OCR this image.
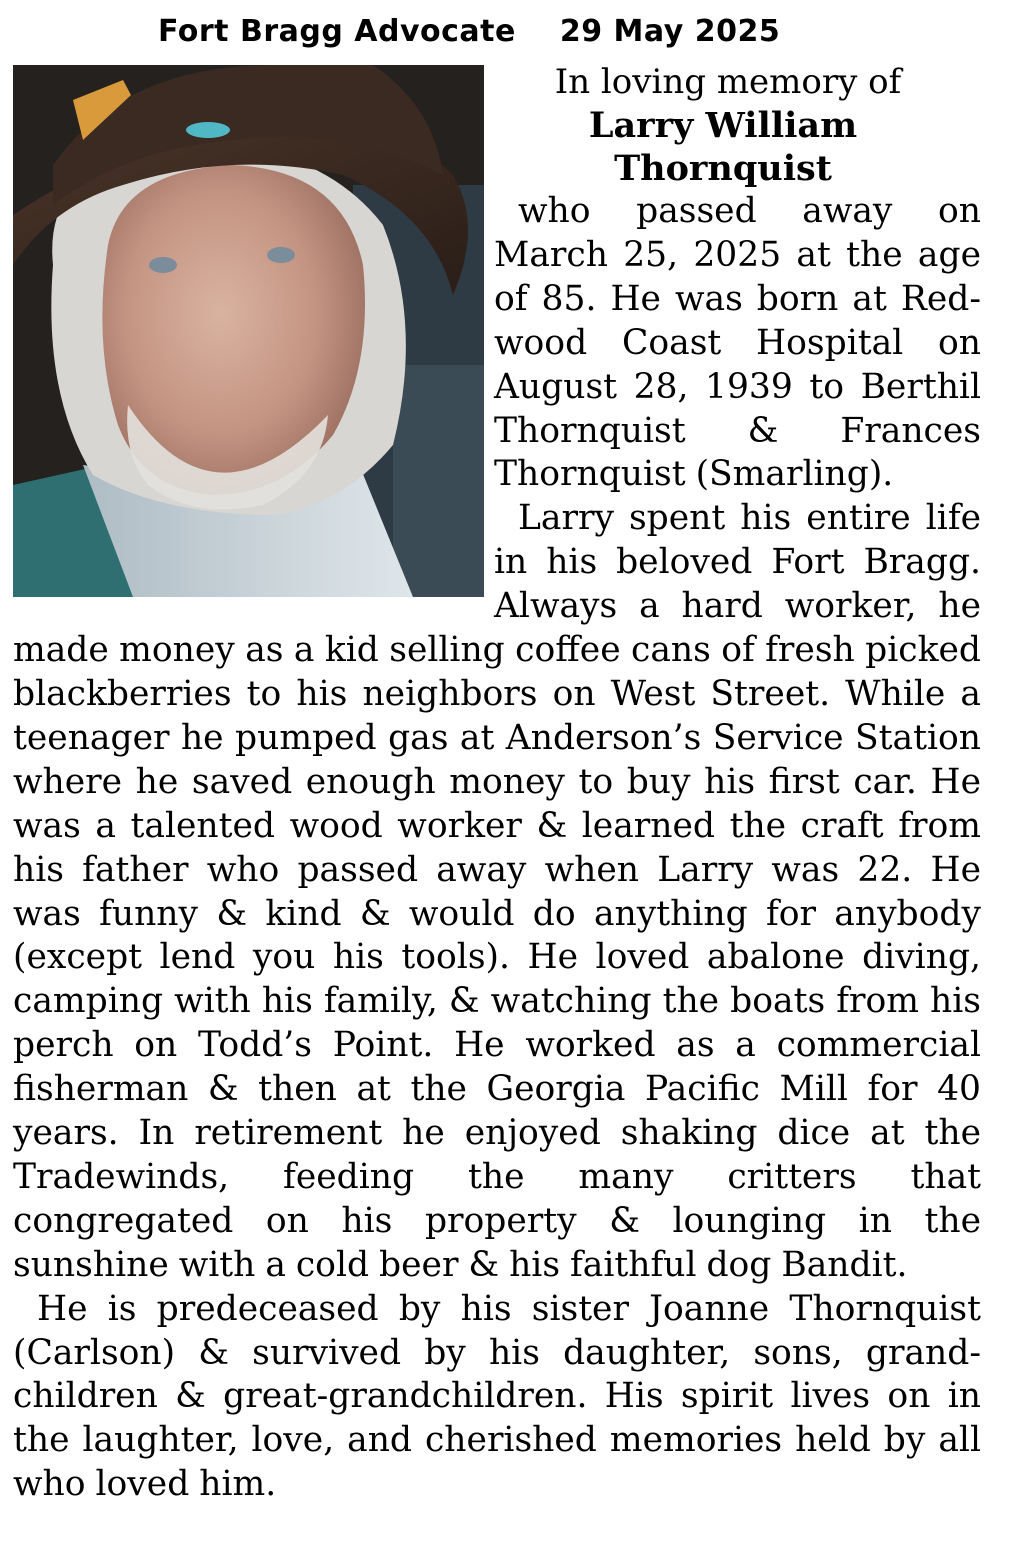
Fort Bragg Advocate 29 May 2025
In loving memory of
Larry William
Thornquist

who passed away on March 25, 2025 at the age of 85. He was born at Redwood Coast Hospital on August 28, 1939 to Berthil Thornquist & Frances Thornquist (Smarling).

Larry spent his entire life in his beloved Fort Bragg. Always a hard worker, he made money as a kid selling coffee cans of fresh picked blackberries to his neighbors on West Street. While a teenager he pumped gas at Anderson’s Service Station where he saved enough money to buy his first car. He was a talented wood worker & learned the craft from his father who passed away when Larry was 22. He was funny & kind & would do anything for anybody (except lend you his tools). He loved abalone diving, camping with his family, & watching the boats from his perch on Todd’s Point. He worked as a commercial fisherman & then at the Georgia Pacific Mill for 40 years. In retirement he enjoyed shaking dice at the Tradewinds, feeding the many critters that congregated on his property & lounging in the sunshine with a cold beer & his faithful dog Bandit.

He is predeceased by his sister Joanne Thornquist (Carlson) & survived by his daughter, sons, grandchildren & great-grandchildren. His spirit lives on in the laughter, love, and cherished memories held by all who loved him.
